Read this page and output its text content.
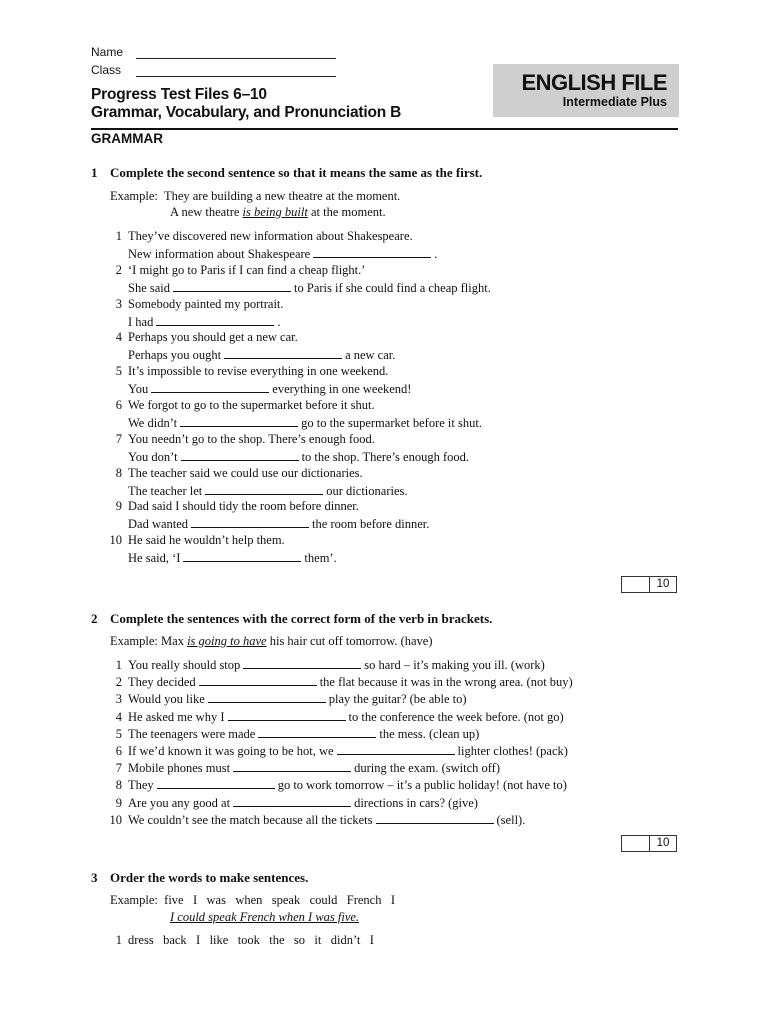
Name
Class
Progress Test Files 6–10
Grammar, Vocabulary, and Pronunciation B
ENGLISH FILE
Intermediate Plus
GRAMMAR
1 Complete the second sentence so that it means the same as the first.
Example: They are building a new theatre at the moment.
A new theatre is being built at the moment.
1 They’ve discovered new information about Shakespeare.
New information about Shakespeare	.
2 ‘I might go to Paris if I can find a cheap flight.’
She said	to Paris if she could find a cheap flight.
3 Somebody painted my portrait.
I had	.
4 Perhaps you should get a new car.
Perhaps you ought	a new car.
5 It’s impossible to revise everything in one weekend.
You	everything in one weekend!
6 We forgot to go to the supermarket before it shut.
We didn’t	go to the supermarket before it shut.
7 You needn’t go to the shop. There’s enough food.
You don’t	to the shop. There’s enough food.
8 The teacher said we could use our dictionaries.
The teacher let	our dictionaries.
9 Dad said I should tidy the room before dinner.
Dad wanted	the room before dinner.
10 He said he wouldn’t help them.
He said, ‘I	them’.
10
2 Complete the sentences with the correct form of the verb in brackets.
Example: Max is going to have his hair cut off tomorrow. (have)
1 You really should stop	so hard – it’s making you ill. (work)
2 They decided	the flat because it was in the wrong area. (not buy)
3 Would you like	play the guitar? (be able to)
4 He asked me why I	to the conference the week before. (not go)
5 The teenagers were made	the mess. (clean up)
6 If we’d known it was going to be hot, we	lighter clothes! (pack)
7 Mobile phones must	during the exam. (switch off)
8 They	go to work tomorrow – it’s a public holiday! (not have to)
9 Are you any good at	directions in cars? (give)
10 We couldn’t see the match because all the tickets	(sell).
10
3 Order the words to make sentences.
Example: five   I   was   when   speak   could   French   I
I could speak French when I was five.
1 dress   back   I   like   took   the   so   it   didn’t   I
